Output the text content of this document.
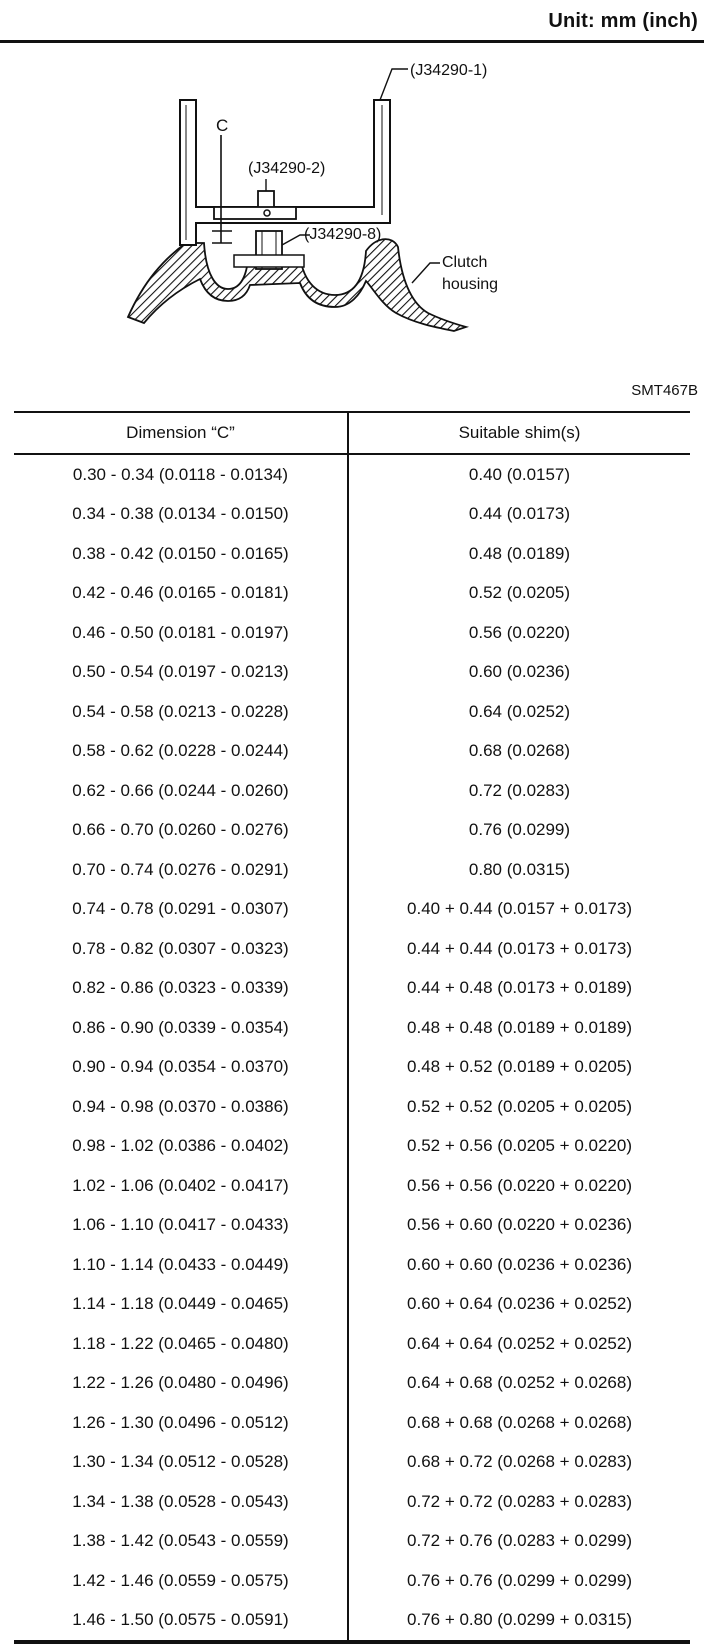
Unit: mm (inch)
C
(J34290-1)
(J34290-2)
(J34290-8)
Clutch
housing
SMT467B
Dimension “C”	Suitable shim(s)
0.30 - 0.34 (0.0118 - 0.0134)	0.40 (0.0157)
0.34 - 0.38 (0.0134 - 0.0150)	0.44 (0.0173)
0.38 - 0.42 (0.0150 - 0.0165)	0.48 (0.0189)
0.42 - 0.46 (0.0165 - 0.0181)	0.52 (0.0205)
0.46 - 0.50 (0.0181 - 0.0197)	0.56 (0.0220)
0.50 - 0.54 (0.0197 - 0.0213)	0.60 (0.0236)
0.54 - 0.58 (0.0213 - 0.0228)	0.64 (0.0252)
0.58 - 0.62 (0.0228 - 0.0244)	0.68 (0.0268)
0.62 - 0.66 (0.0244 - 0.0260)	0.72 (0.0283)
0.66 - 0.70 (0.0260 - 0.0276)	0.76 (0.0299)
0.70 - 0.74 (0.0276 - 0.0291)	0.80 (0.0315)
0.74 - 0.78 (0.0291 - 0.0307)	0.40 + 0.44 (0.0157 + 0.0173)
0.78 - 0.82 (0.0307 - 0.0323)	0.44 + 0.44 (0.0173 + 0.0173)
0.82 - 0.86 (0.0323 - 0.0339)	0.44 + 0.48 (0.0173 + 0.0189)
0.86 - 0.90 (0.0339 - 0.0354)	0.48 + 0.48 (0.0189 + 0.0189)
0.90 - 0.94 (0.0354 - 0.0370)	0.48 + 0.52 (0.0189 + 0.0205)
0.94 - 0.98 (0.0370 - 0.0386)	0.52 + 0.52 (0.0205 + 0.0205)
0.98 - 1.02 (0.0386 - 0.0402)	0.52 + 0.56 (0.0205 + 0.0220)
1.02 - 1.06 (0.0402 - 0.0417)	0.56 + 0.56 (0.0220 + 0.0220)
1.06 - 1.10 (0.0417 - 0.0433)	0.56 + 0.60 (0.0220 + 0.0236)
1.10 - 1.14 (0.0433 - 0.0449)	0.60 + 0.60 (0.0236 + 0.0236)
1.14 - 1.18 (0.0449 - 0.0465)	0.60 + 0.64 (0.0236 + 0.0252)
1.18 - 1.22 (0.0465 - 0.0480)	0.64 + 0.64 (0.0252 + 0.0252)
1.22 - 1.26 (0.0480 - 0.0496)	0.64 + 0.68 (0.0252 + 0.0268)
1.26 - 1.30 (0.0496 - 0.0512)	0.68 + 0.68 (0.0268 + 0.0268)
1.30 - 1.34 (0.0512 - 0.0528)	0.68 + 0.72 (0.0268 + 0.0283)
1.34 - 1.38 (0.0528 - 0.0543)	0.72 + 0.72 (0.0283 + 0.0283)
1.38 - 1.42 (0.0543 - 0.0559)	0.72 + 0.76 (0.0283 + 0.0299)
1.42 - 1.46 (0.0559 - 0.0575)	0.76 + 0.76 (0.0299 + 0.0299)
1.46 - 1.50 (0.0575 - 0.0591)	0.76 + 0.80 (0.0299 + 0.0315)
